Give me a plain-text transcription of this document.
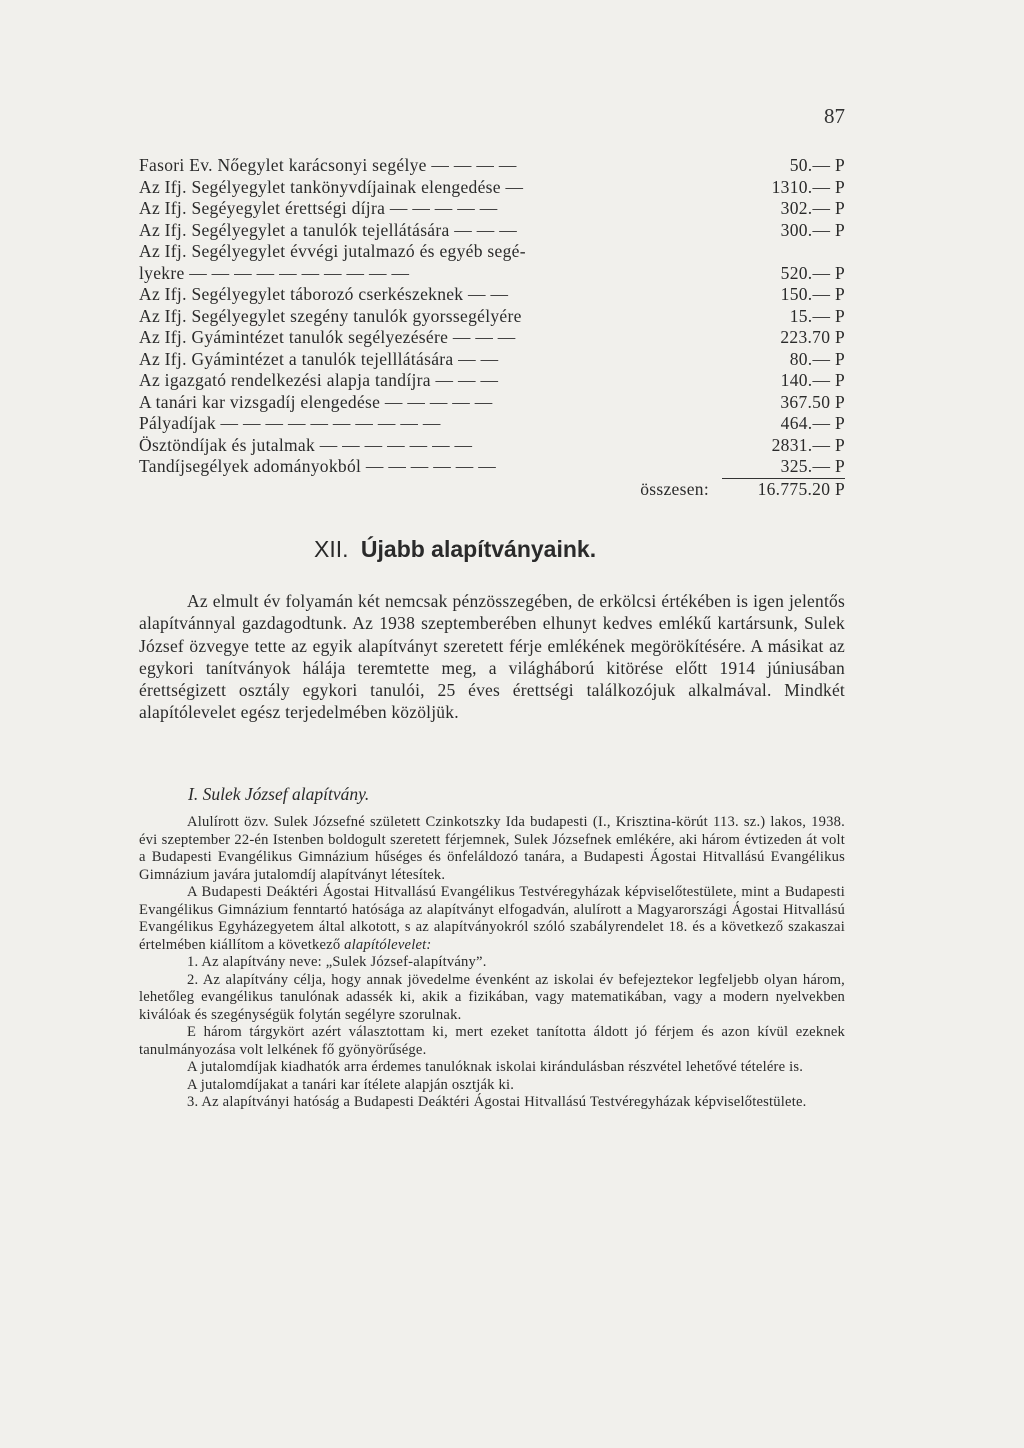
87
Fasori Ev. Nőegylet karácsonyi segélye — — — —	50.— P
Az Ifj. Segélyegylet tankönyvdíjainak elengedése —	1310.— P
Az Ifj. Segéyegylet érettségi díjra — — — — —	302.— P
Az Ifj. Segélyegylet a tanulók tejellátására — — —	300.— P
Az Ifj. Segélyegylet évvégi jutalmazó és egyéb segé-
lyekre — — — — — — — — — —	520.— P
Az Ifj. Segélyegylet táborozó cserkészeknek — —	150.— P
Az Ifj. Segélyegylet szegény tanulók gyorssegélyére	15.— P
Az Ifj. Gyámintézet tanulók segélyezésére — — —	223.70 P
Az Ifj. Gyámintézet a tanulók tejelllátására — —	80.— P
Az igazgató rendelkezési alapja tandíjra — — —	140.— P
A tanári kar vizsgadíj elengedése — — — — —	367.50 P
Pályadíjak — — — — — — — — — —	464.— P
Ösztöndíjak és jutalmak — — — — — — —	2831.— P
Tandíjsegélyek adományokból — — — — — —	325.— P
összesen:	16.775.20 P
XII. Újabb alapítványaink.

Az elmult év folyamán két nemcsak pénzösszegében, de erkölcsi értékében is igen jelentős alapítvánnyal gazdagodtunk. Az 1938 szeptemberében elhunyt kedves emlékű kartársunk, Sulek József özvegye tette az egyik alapítványt szeretett férje emlékének megörökítésére. A másikat az egykori tanítványok hálája teremtette meg, a világháború kitörése előtt 1914 júniusában érettségizett osztály egykori tanulói, 25 éves érettségi találkozójuk alkalmával. Mindkét alapítólevelet egész terjedelmében közöljük.

I. Sulek József alapítvány.

Alulírott özv. Sulek Józsefné született Czinkotszky Ida budapesti (I., Krisztina-körút 113. sz.) lakos, 1938. évi szeptember 22-én Istenben boldogult szeretett férjemnek, Sulek Józsefnek emlékére, aki három évtizeden át volt a Budapesti Evangélikus Gimnázium hűséges és önfeláldozó tanára, a Budapesti Ágostai Hitvallású Evangélikus Gimnázium javára jutalomdíj alapítványt létesítek.

A Budapesti Deáktéri Ágostai Hitvallású Evangélikus Testvéregyházak képviselőtestülete, mint a Budapesti Evangélikus Gimnázium fenntartó hatósága az alapítványt elfogadván, alulírott a Magyarországi Ágostai Hitvallású Evangélikus Egyházegyetem által alkotott, s az alapítványokról szóló szabályrendelet 18. és a következő szakaszai értelmében kiállítom a következő alapítólevelet:

1. Az alapítvány neve: „Sulek József-alapítvány”.

2. Az alapítvány célja, hogy annak jövedelme évenként az iskolai év befejeztekor legfeljebb olyan három, lehetőleg evangélikus tanulónak adassék ki, akik a fizikában, vagy matematikában, vagy a modern nyelvekben kiválóak és szegénységük folytán segélyre szorulnak.

E három tárgykört azért választottam ki, mert ezeket tanította áldott jó férjem és azon kívül ezeknek tanulmányozása volt lelkének fő gyönyörűsége.

A jutalomdíjak kiadhatók arra érdemes tanulóknak iskolai kirándulásban részvétel lehetővé tételére is.

A jutalomdíjakat a tanári kar ítélete alapján osztják ki.

3. Az alapítványi hatóság a Budapesti Deáktéri Ágostai Hitvallású Testvéregyházak képviselőtestülete.
